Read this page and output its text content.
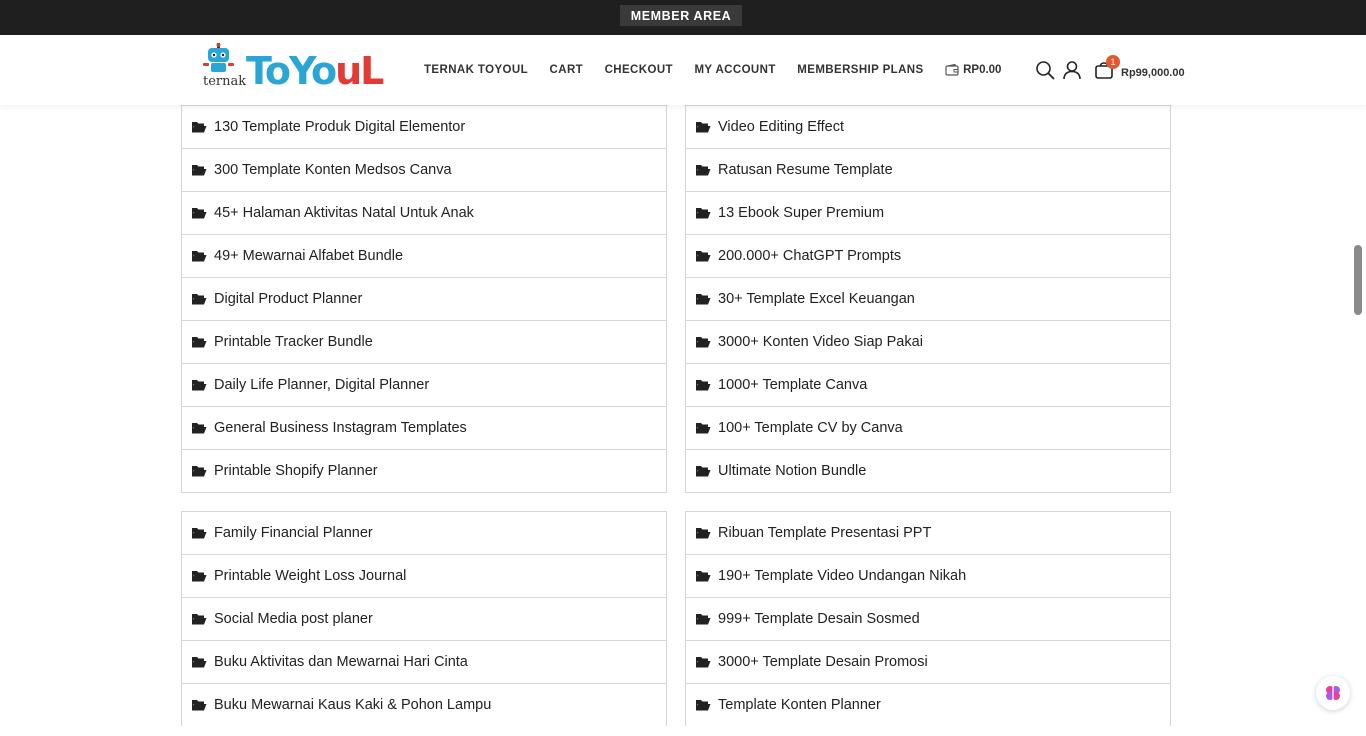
MEMBER AREA
ternak ToYouL	TERNAK TOYOUL CART CHECKOUT MY ACCOUNT MEMBERSHIP PLANS	RP0.00
1
Rp99,000.00
130 Template Produk Digital Elementor
300 Template Konten Medsos Canva
45+ Halaman Aktivitas Natal Untuk Anak
49+ Mewarnai Alfabet Bundle
Digital Product Planner
Printable Tracker Bundle
Daily Life Planner, Digital Planner
General Business Instagram Templates
Printable Shopify Planner
Video Editing Effect
Ratusan Resume Template
13 Ebook Super Premium
200.000+ ChatGPT Prompts
30+ Template Excel Keuangan
3000+ Konten Video Siap Pakai
1000+ Template Canva
100+ Template CV by Canva
Ultimate Notion Bundle
Family Financial Planner
Printable Weight Loss Journal
Social Media post planer
Buku Aktivitas dan Mewarnai Hari Cinta
Buku Mewarnai Kaus Kaki & Pohon Lampu
Ribuan Template Presentasi PPT
190+ Template Video Undangan Nikah
999+ Template Desain Sosmed
3000+ Template Desain Promosi
Template Konten Planner
